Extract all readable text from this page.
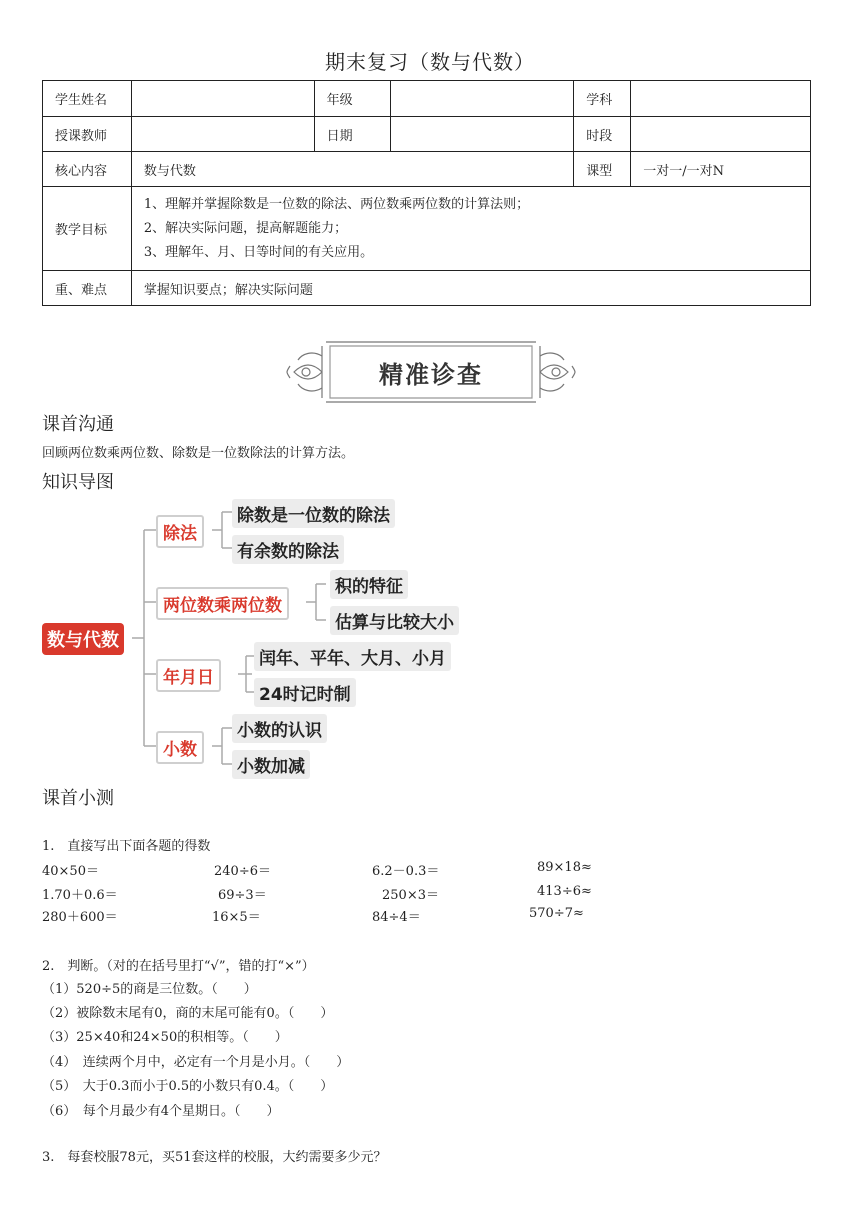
期末复习（数与代数）
学生姓名		年级		学科	
授课教师		日期		时段	
核心内容	数与代数			课型	一对一/一对N
教学目标	1、理解并掌握除数是一位数的除法、两位数乘两位数的计算法则；
2、解决实际问题，提高解题能力；
3、理解年、月、日等时间的有关应用。				

重、难点	掌握知识要点；解决实际问题				
精准诊查
课首沟通
回顾两位数乘两位数、除数是一位数除法的计算方法。
知识导图
数与代数
除法
除数是一位数的除法
有余数的除法
两位数乘两位数
积的特征
估算与比较大小
年月日
闰年、平年、大月、小月
24时记时制
小数
小数的认识
小数加减
课首小测
1.　直接写出下面各题的得数
40×50＝	240÷6＝	6.2－0.3＝	89×18≈
1.70＋0.6＝	69÷3＝	250×3＝	413÷6≈
280＋600＝	16×5＝	84÷4＝	570÷7≈
2.　判断。（对的在括号里打“√”，错的打“×”）
（1）520÷5的商是三位数。（　　）
（2）被除数末尾有0，商的末尾可能有0。（　　）
（3）25×40和24×50的积相等。（　　）
（4）　连续两个月中，必定有一个月是小月。（　　）
（5）　大于0.3而小于0.5的小数只有0.4。（　　）
（6）　每个月最少有4个星期日。（　　）
3.　每套校服78元，买51套这样的校服，大约需要多少元？
